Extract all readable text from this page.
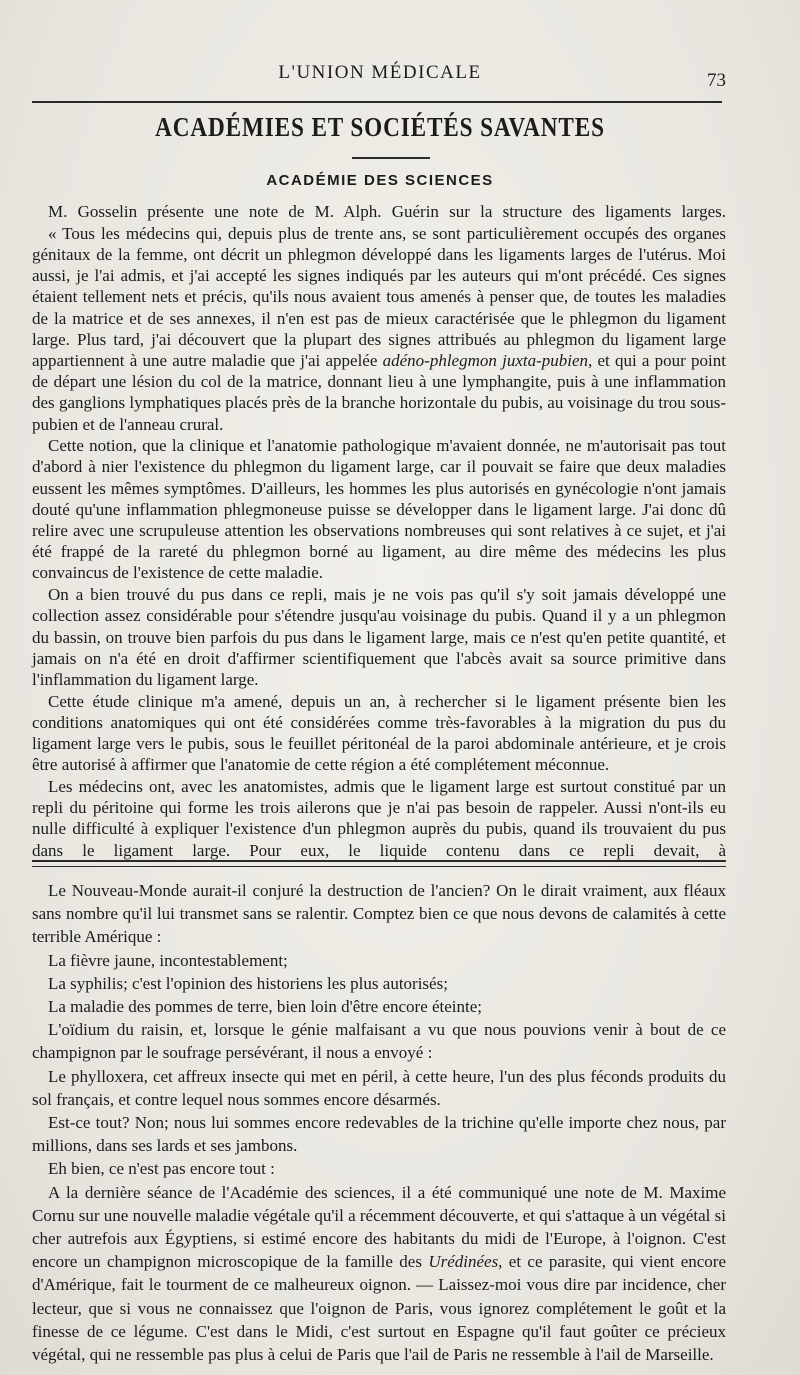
L'UNION MÉDICALE	73
ACADÉMIES ET SOCIÉTÉS SAVANTES
ACADÉMIE DES SCIENCES

M. Gosselin présente une note de M. Alph. Guérin sur la structure des ligaments larges.

« Tous les médecins qui, depuis plus de trente ans, se sont particulièrement occupés des organes génitaux de la femme, ont décrit un phlegmon développé dans les ligaments larges de l'utérus. Moi aussi, je l'ai admis, et j'ai accepté les signes indiqués par les auteurs qui m'ont précédé. Ces signes étaient tellement nets et précis, qu'ils nous avaient tous amenés à penser que, de toutes les maladies de la matrice et de ses annexes, il n'en est pas de mieux caractérisée que le phlegmon du ligament large. Plus tard, j'ai découvert que la plupart des signes attribués au phlegmon du ligament large appartiennent à une autre maladie que j'ai appelée adéno-phlegmon juxta-pubien, et qui a pour point de départ une lésion du col de la matrice, donnant lieu à une lymphangite, puis à une inflammation des ganglions lymphatiques placés près de la branche horizontale du pubis, au voisinage du trou sous-pubien et de l'anneau crural.

Cette notion, que la clinique et l'anatomie pathologique m'avaient donnée, ne m'autorisait pas tout d'abord à nier l'existence du phlegmon du ligament large, car il pouvait se faire que deux maladies eussent les mêmes symptômes. D'ailleurs, les hommes les plus autorisés en gynécologie n'ont jamais douté qu'une inflammation phlegmoneuse puisse se développer dans le ligament large. J'ai donc dû relire avec une scrupuleuse attention les observations nombreuses qui sont relatives à ce sujet, et j'ai été frappé de la rareté du phlegmon borné au ligament, au dire même des médecins les plus convaincus de l'existence de cette maladie.

On a bien trouvé du pus dans ce repli, mais je ne vois pas qu'il s'y soit jamais développé une collection assez considérable pour s'étendre jusqu'au voisinage du pubis. Quand il y a un phlegmon du bassin, on trouve bien parfois du pus dans le ligament large, mais ce n'est qu'en petite quantité, et jamais on n'a été en droit d'affirmer scientifiquement que l'abcès avait sa source primitive dans l'inflammation du ligament large.

Cette étude clinique m'a amené, depuis un an, à rechercher si le ligament présente bien les conditions anatomiques qui ont été considérées comme très-favorables à la migration du pus du ligament large vers le pubis, sous le feuillet péritonéal de la paroi abdominale antérieure, et je crois être autorisé à affirmer que l'anatomie de cette région a été complétement méconnue.

Les médecins ont, avec les anatomistes, admis que le ligament large est surtout constitué par un repli du péritoine qui forme les trois ailerons que je n'ai pas besoin de rappeler. Aussi n'ont-ils eu nulle difficulté à expliquer l'existence d'un phlegmon auprès du pubis, quand ils trouvaient du pus dans le ligament large. Pour eux, le liquide contenu dans ce repli devait, à

Le Nouveau-Monde aurait-il conjuré la destruction de l'ancien? On le dirait vraiment, aux fléaux sans nombre qu'il lui transmet sans se ralentir. Comptez bien ce que nous devons de calamités à cette terrible Amérique :

La fièvre jaune, incontestablement;

La syphilis; c'est l'opinion des historiens les plus autorisés;

La maladie des pommes de terre, bien loin d'être encore éteinte;

L'oïdium du raisin, et, lorsque le génie malfaisant a vu que nous pouvions venir à bout de ce champignon par le soufrage persévérant, il nous a envoyé :

Le phylloxera, cet affreux insecte qui met en péril, à cette heure, l'un des plus féconds produits du sol français, et contre lequel nous sommes encore désarmés.

Est-ce tout? Non; nous lui sommes encore redevables de la trichine qu'elle importe chez nous, par millions, dans ses lards et ses jambons.

Eh bien, ce n'est pas encore tout :

A la dernière séance de l'Académie des sciences, il a été communiqué une note de M. Maxime Cornu sur une nouvelle maladie végétale qu'il a récemment découverte, et qui s'attaque à un végétal si cher autrefois aux Égyptiens, si estimé encore des habitants du midi de l'Europe, à l'oignon. C'est encore un champignon microscopique de la famille des Urédinées, et ce parasite, qui vient encore d'Amérique, fait le tourment de ce malheureux oignon. — Laissez-moi vous dire par incidence, cher lecteur, que si vous ne connaissez que l'oignon de Paris, vous ignorez complétement le goût et la finesse de ce légume. C'est dans le Midi, c'est surtout en Espagne qu'il faut goûter ce précieux végétal, qui ne ressemble pas plus à celui de Paris que l'ail de Paris ne ressemble à l'ail de Marseille.
